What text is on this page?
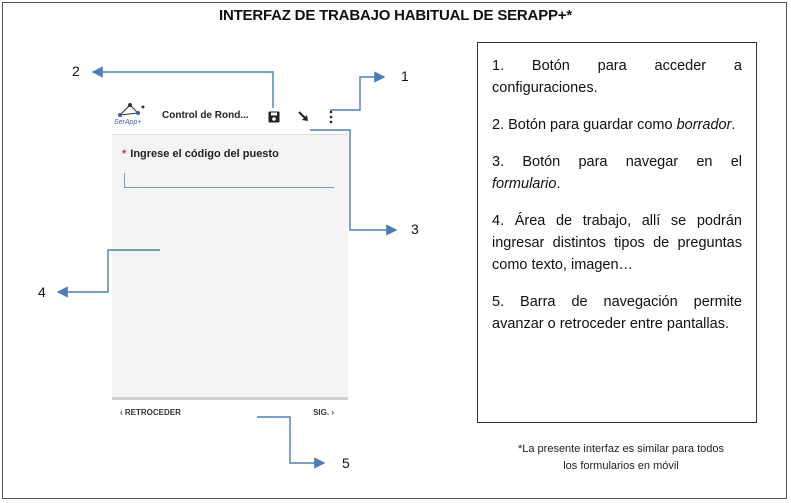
INTERFAZ DE TRABAJO HABITUAL DE SERAPP+*
SerApp+
Control de Rond...
* Ingrese el código del puesto
‹ RETROCEDER	SIG. ›
2	1
3
4
5

1. Botón para acceder a configuraciones.

2. Botón para guardar como borrador.

3. Botón para navegar en el formulario.

4. Área de trabajo, allí se podrán ingresar distintos tipos de preguntas como texto, imagen…

5. Barra de navegación permite avanzar o retroceder entre pantallas.

*La presente interfaz es similar para todos
los formularios en móvil
